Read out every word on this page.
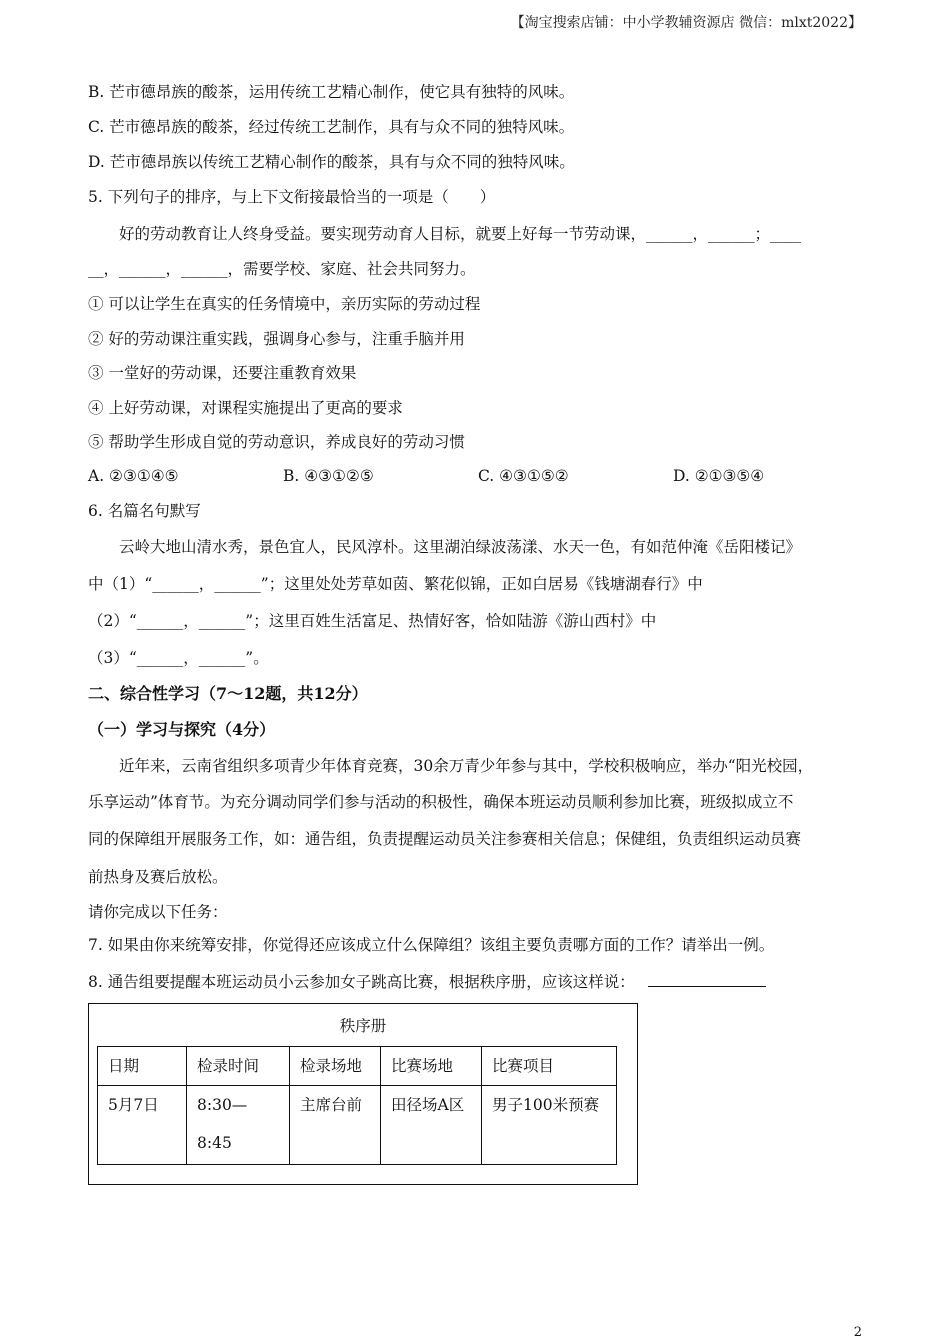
【淘宝搜索店铺：中小学教辅资源店 微信：mlxt2022】
B. 芒市德昂族的酸茶，运用传统工艺精心制作，使它具有独特的风味。
C. 芒市德昂族的酸茶，经过传统工艺制作，具有与众不同的独特风味。
D. 芒市德昂族以传统工艺精心制作的酸茶，具有与众不同的独特风味。
5. 下列句子的排序，与上下文衔接最恰当的一项是（　　）
好的劳动教育让人终身受益。要实现劳动育人目标，就要上好每一节劳动课，______，______；____
__，______，______，需要学校、家庭、社会共同努力。
① 可以让学生在真实的任务情境中，亲历实际的劳动过程
② 好的劳动课注重实践，强调身心参与，注重手脑并用
③ 一堂好的劳动课，还要注重教育效果
④ 上好劳动课，对课程实施提出了更高的要求
⑤ 帮助学生形成自觉的劳动意识，养成良好的劳动习惯
A. ②③①④⑤	B. ④③①②⑤	C. ④③①⑤②	D. ②①③⑤④
6. 名篇名句默写
云岭大地山清水秀，景色宜人，民风淳朴。这里湖泊绿波荡漾、水天一色，有如范仲淹《岳阳楼记》
中（1）“______，______”；这里处处芳草如茵、繁花似锦，正如白居易《钱塘湖春行》中
（2）“______，______”；这里百姓生活富足、热情好客，恰如陆游《游山西村》中
（3）“______，______”。
二、综合性学习（7～12题，共12分）
（一）学习与探究（4分）
近年来，云南省组织多项青少年体育竞赛，30余万青少年参与其中，学校积极响应，举办“阳光校园，
乐享运动”体育节。为充分调动同学们参与活动的积极性，确保本班运动员顺利参加比赛，班级拟成立不
同的保障组开展服务工作，如：通告组，负责提醒运动员关注参赛相关信息；保健组，负责组织运动员赛
前热身及赛后放松。
请你完成以下任务：
7. 如果由你来统筹安排，你觉得还应该成立什么保障组？该组主要负责哪方面的工作？请举出一例。
8. 通告组要提醒本班运动员小云参加女子跳高比赛，根据秩序册，应该这样说：
秩序册
日期	检录时间	检录场地	比赛场地	比赛项目
5月7日	8:30—
8:45	主席台前	田径场A区	男子100米预赛
2
